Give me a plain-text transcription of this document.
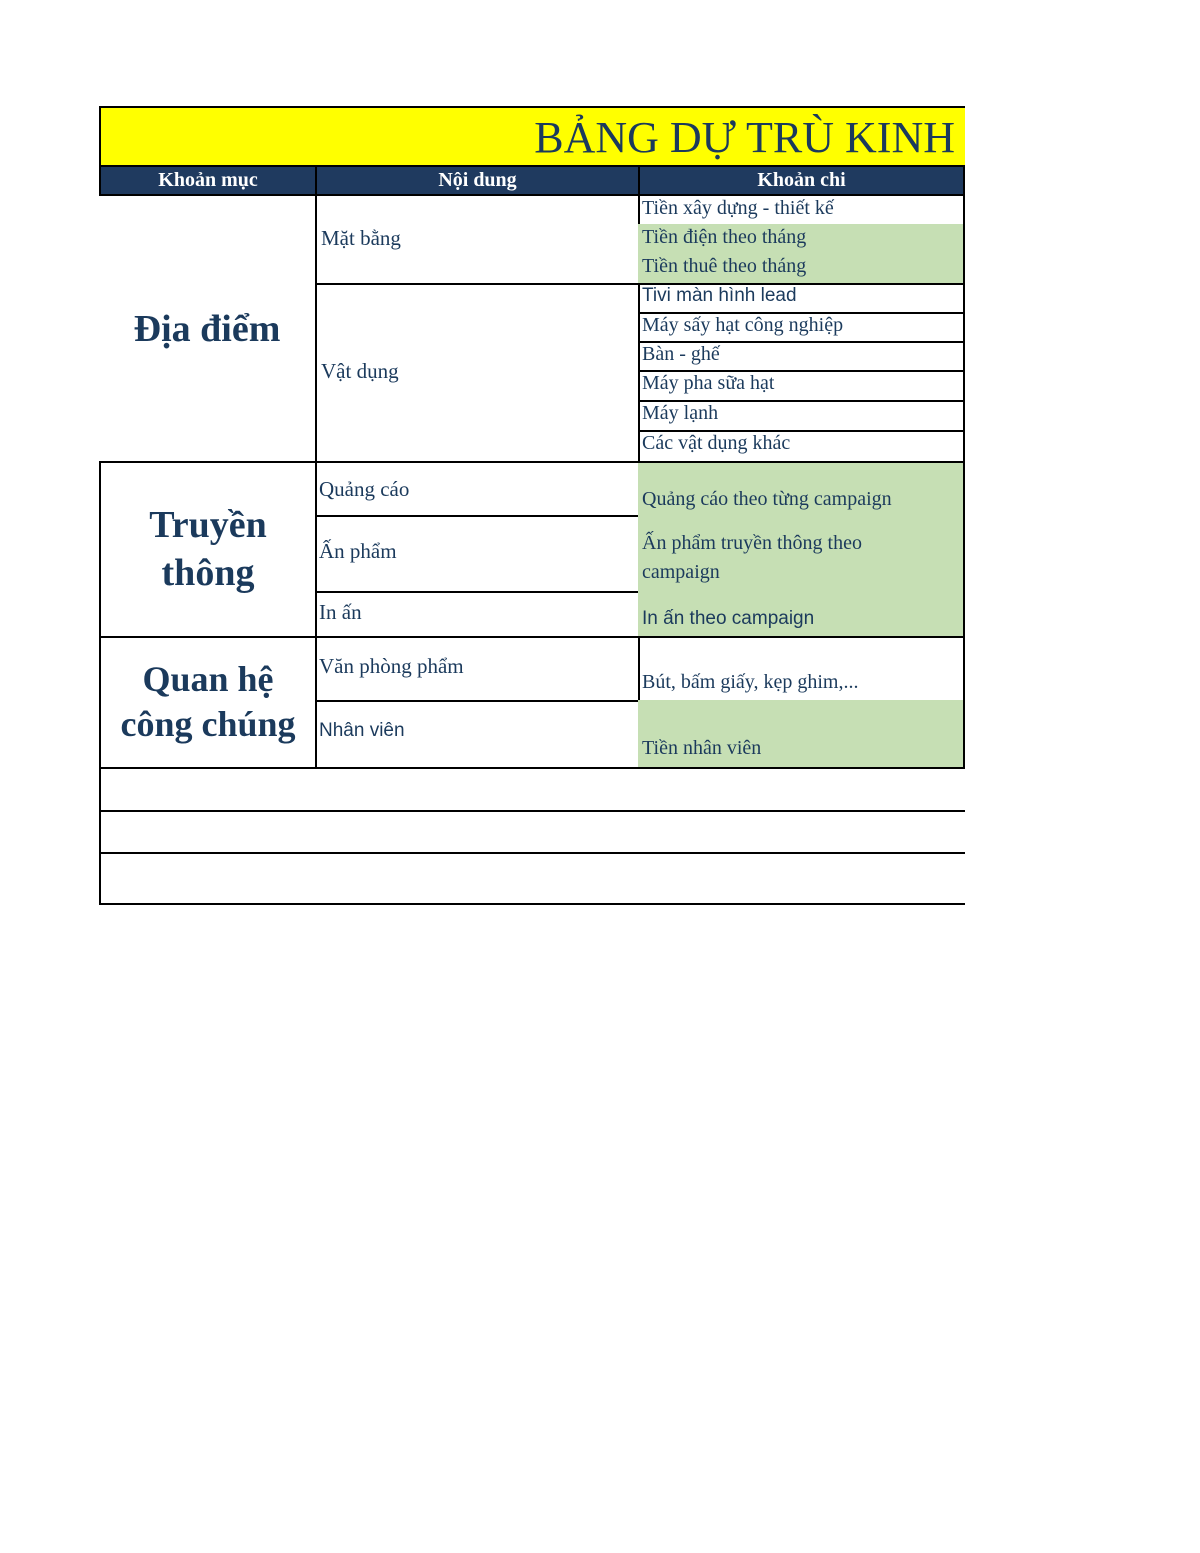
BẢNG DỰ TRÙ KINH
Khoản mục	Nội dung	Khoản chi
Địa điểm
Truyền thông
Quan hệ công chúng
Mặt bằng
Vật dụng
Quảng cáo
Ấn phẩm
In ấn
Văn phòng phẩm
Nhân viên
Tiền xây dựng - thiết kế
Tiền điện theo tháng
Tiền thuê theo tháng
Tivi màn hình lead
Máy sấy hạt công nghiệp
Bàn - ghế
Máy pha sữa hạt
Máy lạnh
Các vật dụng khác
Quảng cáo theo từng campaign
Ấn phẩm truyền thông theo campaign
In ấn theo campaign
Bút, bấm giấy, kẹp ghim,...
Tiền nhân viên
